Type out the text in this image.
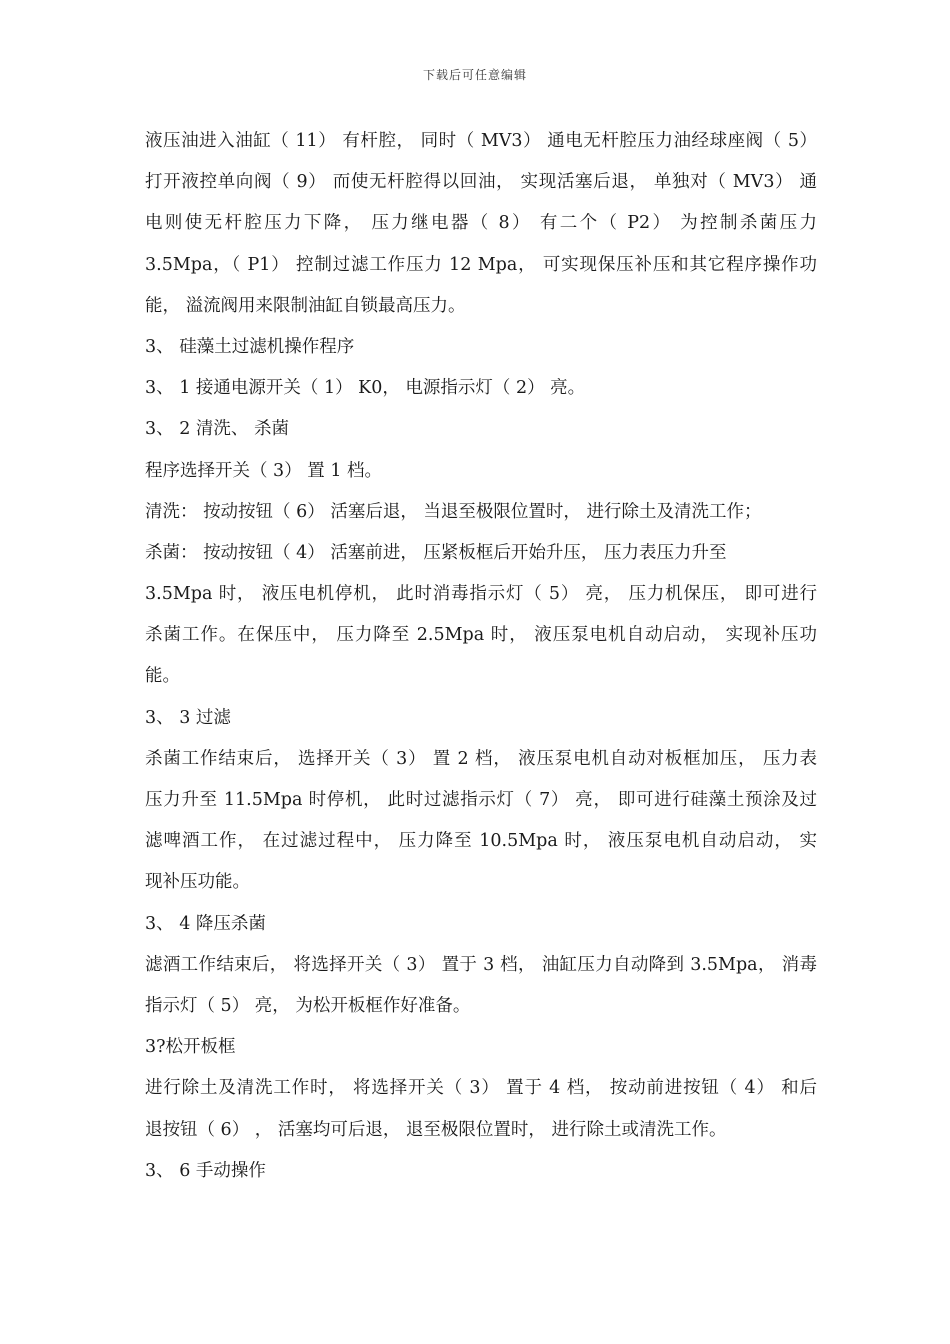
下载后可任意编辑
液压油进入油缸（ 11） 有杆腔， 同时（ MV3） 通电无杆腔压力油经球座阀（ 5）
打开液控单向阀（ 9） 而使无杆腔得以回油， 实现活塞后退， 单独对（ MV3） 通
电则使无杆腔压力下降， 压力继电器（ 8） 有二个（ P2） 为控制杀菌压力
3.5Mpa，（ P1） 控制过滤工作压力 12 Mpa， 可实现保压补压和其它程序操作功
能， 溢流阀用来限制油缸自锁最高压力。
3、 硅藻土过滤机操作程序
3、 1 接通电源开关（ 1） K0， 电源指示灯（ 2） 亮。
3、 2 清洗、 杀菌
程序选择开关（ 3） 置 1 档。
清洗： 按动按钮（ 6） 活塞后退， 当退至极限位置时， 进行除土及清洗工作；
杀菌： 按动按钮（ 4） 活塞前进， 压紧板框后开始升压， 压力表压力升至
3.5Mpa 时， 液压电机停机， 此时消毒指示灯（ 5） 亮， 压力机保压， 即可进行
杀菌工作。在保压中， 压力降至 2.5Mpa 时， 液压泵电机自动启动， 实现补压功
能。
3、 3 过滤
杀菌工作结束后， 选择开关（ 3） 置 2 档， 液压泵电机自动对板框加压， 压力表
压力升至 11.5Mpa 时停机， 此时过滤指示灯（ 7） 亮， 即可进行硅藻土预涂及过
滤啤酒工作， 在过滤过程中， 压力降至 10.5Mpa 时， 液压泵电机自动启动， 实
现补压功能。
3、 4 降压杀菌
滤酒工作结束后， 将选择开关（ 3） 置于 3 档， 油缸压力自动降到 3.5Mpa， 消毒
指示灯（ 5） 亮， 为松开板框作好准备。
3?松开板框
进行除土及清洗工作时， 将选择开关（ 3） 置于 4 档， 按动前进按钮（ 4） 和后
退按钮（ 6） ， 活塞均可后退， 退至极限位置时， 进行除土或清洗工作。
3、 6 手动操作
